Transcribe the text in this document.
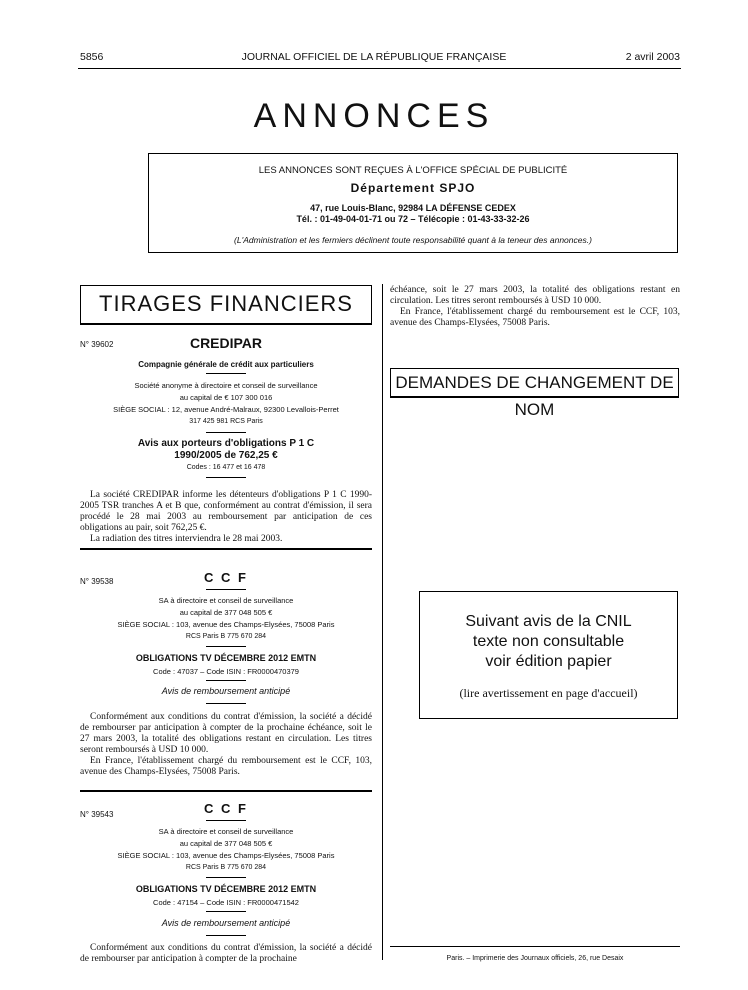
5856	JOURNAL OFFICIEL DE LA RÉPUBLIQUE FRANÇAISE	2 avril 2003
ANNONCES
LES ANNONCES SONT REÇUES À L'OFFICE SPÉCIAL DE PUBLICITÉ
Département SPJO
47, rue Louis-Blanc, 92984 LA DÉFENSE CEDEX
Tél. : 01-49-04-01-71 ou 72 – Télécopie : 01-43-33-32-26
(L'Administration et les fermiers déclinent toute responsabilité quant à la teneur des annonces.)
TIRAGES FINANCIERS
N° 39602	CREDIPAR
Compagnie générale de crédit aux particuliers
Société anonyme à directoire et conseil de surveillance
au capital de € 107 300 016
SIÈGE SOCIAL : 12, avenue André-Malraux, 92300 Levallois-Perret
317 425 981 RCS Paris
Avis aux porteurs d'obligations P 1 C
1990/2005 de 762,25 €
Codes : 16 477 et 16 478

La société CREDIPAR informe les détenteurs d'obligations P 1 C 1990-2005 TSR tranches A et B que, conformément au contrat d'émission, il sera procédé le 28 mai 2003 au remboursement par anticipation de ces obligations au pair, soit 762,25 €.

La radiation des titres interviendra le 28 mai 2003.

N° 39538	C C F
SA à directoire et conseil de surveillance
au capital de 377 048 505 €
SIÈGE SOCIAL : 103, avenue des Champs-Elysées, 75008 Paris
RCS Paris B 775 670 284
OBLIGATIONS TV DÉCEMBRE 2012 EMTN
Code : 47037 – Code ISIN : FR0000470379
Avis de remboursement anticipé

Conformément aux conditions du contrat d'émission, la société a décidé de rembourser par anticipation à compter de la prochaine échéance, soit le 27 mars 2003, la totalité des obligations restant en circulation. Les titres seront remboursés à USD 10 000.

En France, l'établissement chargé du remboursement est le CCF, 103, avenue des Champs-Elysées, 75008 Paris.

N° 39543	C C F
SA à directoire et conseil de surveillance
au capital de 377 048 505 €
SIÈGE SOCIAL : 103, avenue des Champs-Elysées, 75008 Paris
RCS Paris B 775 670 284
OBLIGATIONS TV DÉCEMBRE 2012 EMTN
Code : 47154 – Code ISIN : FR0000471542
Avis de remboursement anticipé

Conformément aux conditions du contrat d'émission, la société a décidé de rembourser par anticipation à compter de la prochaine

échéance, soit le 27 mars 2003, la totalité des obligations restant en circulation. Les titres seront remboursés à USD 10 000.

En France, l'établissement chargé du remboursement est le CCF, 103, avenue des Champs-Elysées, 75008 Paris.

DEMANDES DE CHANGEMENT DE NOM
Suivant avis de la CNIL
texte non consultable
voir édition papier
(lire avertissement en page d'accueil)
Paris. – Imprimerie des Journaux officiels, 26, rue Desaix
